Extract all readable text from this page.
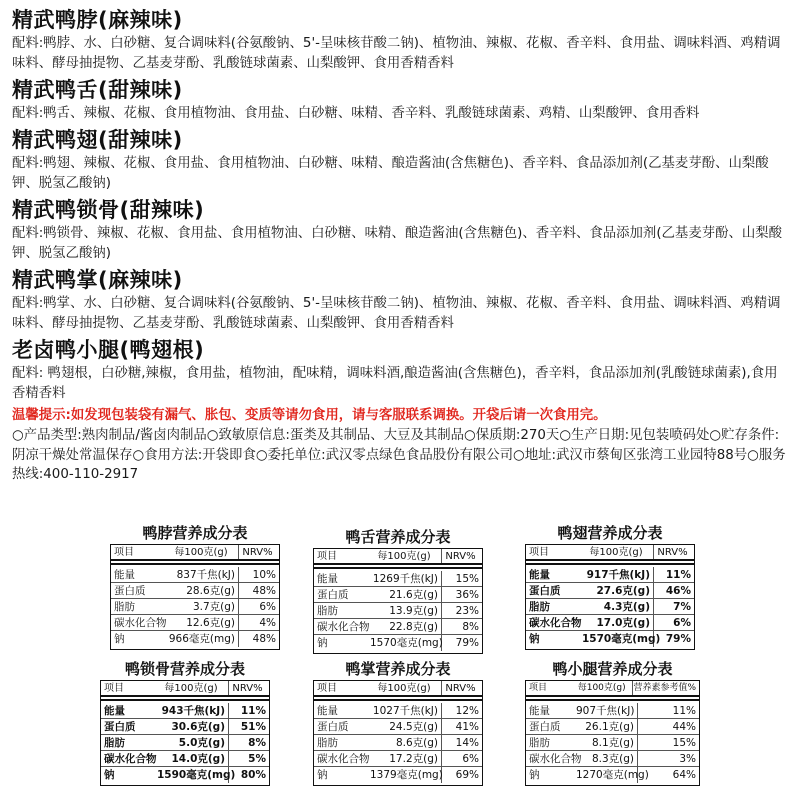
精武鸭脖(麻辣味)
配料:鸭脖、水、白砂糖、复合调味料(谷氨酸钠、5'-呈味核苷酸二钠)、植物油、辣椒、花椒、香辛料、食用盐、调味料酒、鸡精调味料、酵母抽提物、乙基麦芽酚、乳酸链球菌素、山梨酸钾、食用香精香料
精武鸭舌(甜辣味)
配料:鸭舌、辣椒、花椒、食用植物油、食用盐、白砂糖、味精、香辛料、乳酸链球菌素、鸡精、山梨酸钾、食用香料
精武鸭翅(甜辣味)
配料:鸭翅、辣椒、花椒、食用盐、食用植物油、白砂糖、味精、酿造酱油(含焦糖色)、香辛料、食品添加剂(乙基麦芽酚、山梨酸钾、脱氢乙酸钠)
精武鸭锁骨(甜辣味)
配料:鸭锁骨、辣椒、花椒、食用盐、食用植物油、白砂糖、味精、酿造酱油(含焦糖色)、香辛料、食品添加剂(乙基麦芽酚、山梨酸钾、脱氢乙酸钠)
精武鸭掌(麻辣味)
配料:鸭掌、水、白砂糖、复合调味料(谷氨酸钠、5'-呈味核苷酸二钠)、植物油、辣椒、花椒、香辛料、食用盐、调味料酒、鸡精调味料、酵母抽提物、乙基麦芽酚、乳酸链球菌素、山梨酸钾、食用香精香料
老卤鸭小腿(鸭翅根)
配料: 鸭翅根，白砂糖,辣椒，食用盐，植物油，配味精，调味料酒,酿造酱油(含焦糖色)，香辛料，食品添加剂(乳酸链球菌素),食用香精香料
温馨提示:如发现包装袋有漏气、胀包、变质等请勿食用，请与客服联系调换。开袋后请一次食用完。
○产品类型:熟肉制品/酱卤肉制品○致敏原信息:蛋类及其制品、大豆及其制品○保质期:270天○生产日期:见包装喷码处○贮存条件:阴凉干燥处常温保存○食用方法:开袋即食○委托单位:武汉零点绿色食品股份有限公司○地址:武汉市蔡甸区张湾工业园特88号○服务热线:400-110-2917
鸭脖营养成分表
项目	每100克(g)	NRV%
能量	837千焦(kJ)	10%
蛋白质	28.6克(g)	48%
脂肪	3.7克(g)	6%
碳水化合物	12.6克(g)	4%
钠	966毫克(mg)	48%
鸭舌营养成分表
项目	每100克(g)	NRV%
能量	1269千焦(kJ)	15%
蛋白质	21.6克(g)	36%
脂肪	13.9克(g)	23%
碳水化合物	22.8克(g)	8%
钠	1570毫克(mg)	79%
鸭翅营养成分表
项目	每100克(g)	NRV%
能量	917千焦(kJ)	11%
蛋白质	27.6克(g)	46%
脂肪	4.3克(g)	7%
碳水化合物	17.0克(g)	6%
钠	1570毫克(mg) 79%
鸭锁骨营养成分表
项目	每100克(g)	NRV%
能量	943千焦(kJ)	11%
蛋白质	30.6克(g)	51%
脂肪	5.0克(g)	8%
碳水化合物	14.0克(g)	5%
钠	1590毫克(mg) 80%
鸭掌营养成分表
项目	每100克(g)	NRV%
能量	1027千焦(kJ)	12%
蛋白质	24.5克(g)	41%
脂肪	8.6克(g)	14%
碳水化合物	17.2克(g)	6%
钠	1379毫克(mg)	69%
鸭小腿营养成分表
项目	每100克(g) 营养素参考值%
能量	907千焦(kJ)	11%
蛋白质	26.1克(g)	44%
脂肪	8.1克(g)	15%
碳水化合物 8.3克(g)	3%
钠	1270毫克(mg)	64%
